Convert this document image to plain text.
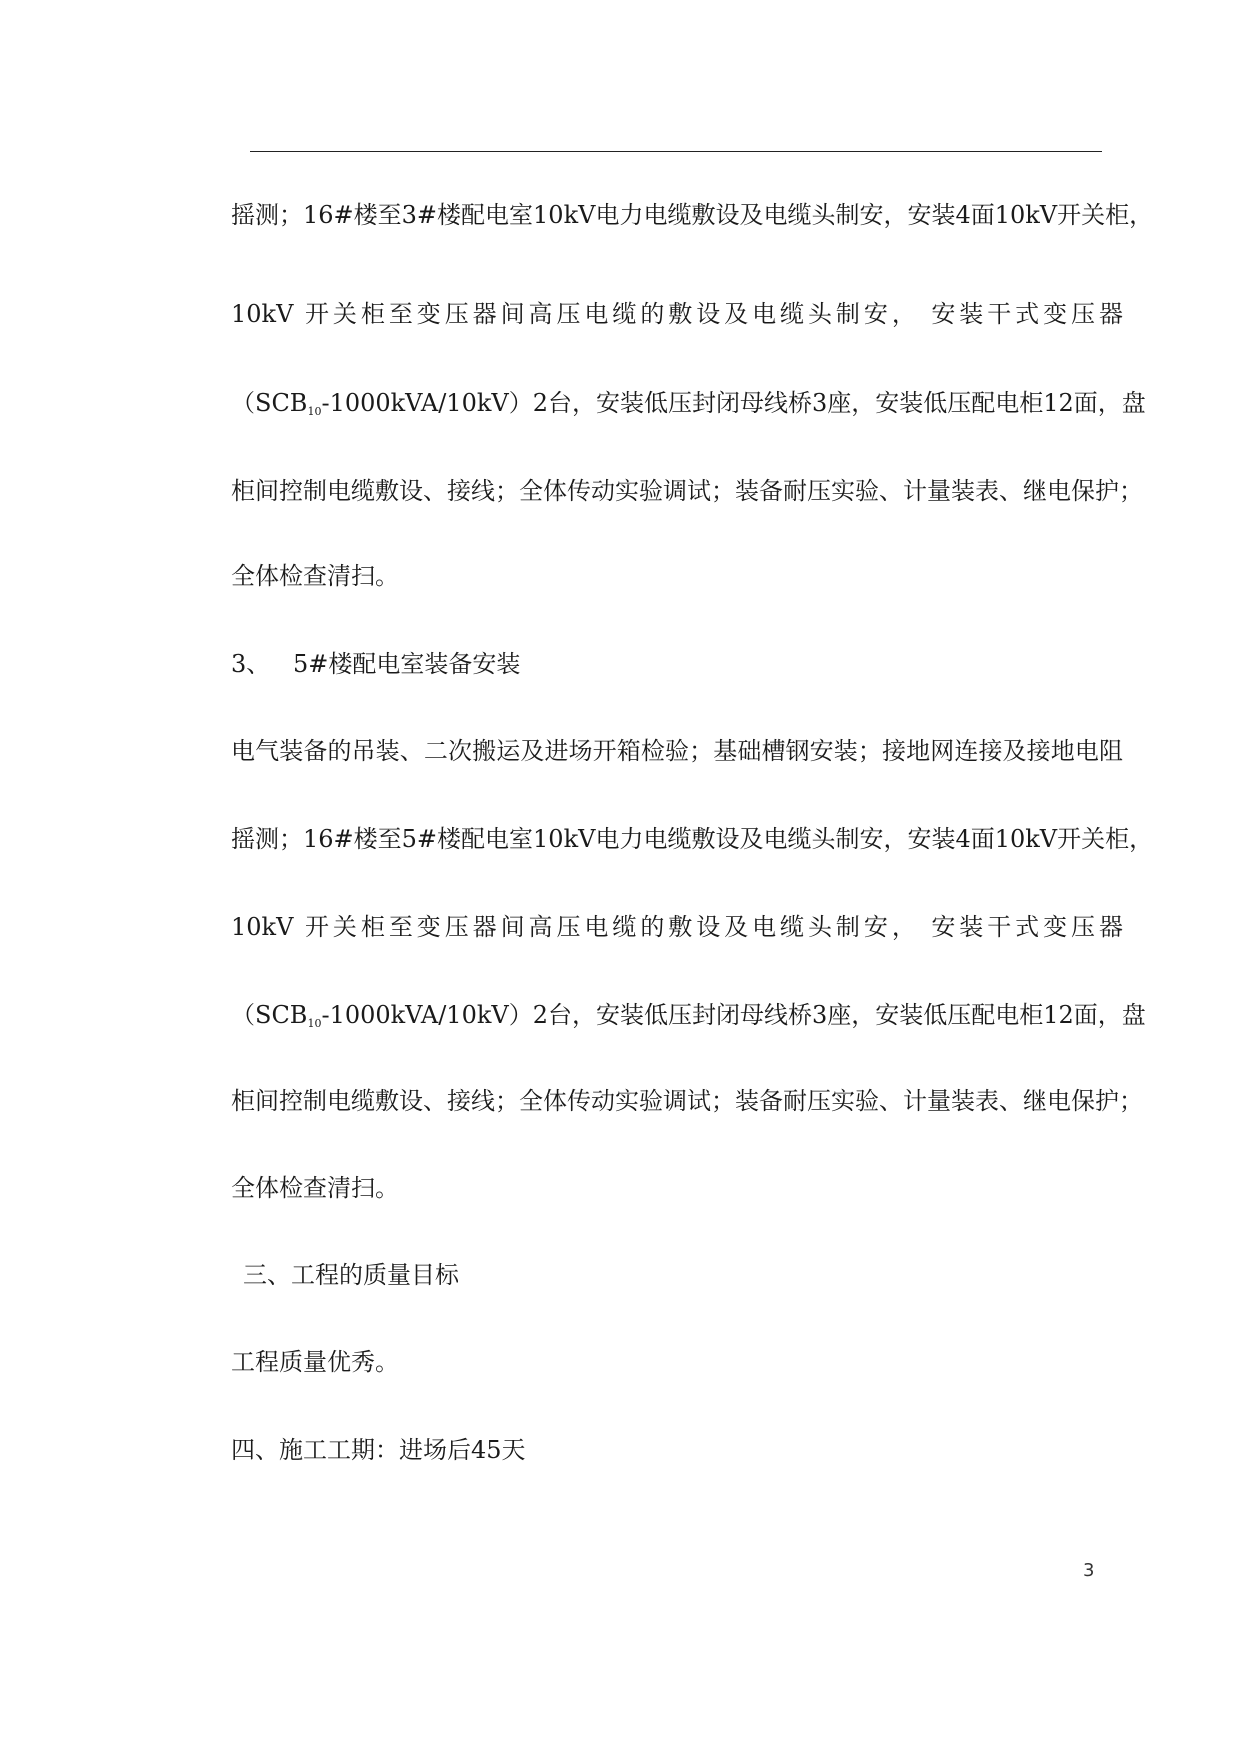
摇测；16#楼至3#楼配电室10kV电力电缆敷设及电缆头制安，安装4面10kV开关柜，
10kV 开关柜至变压器间高压电缆的敷设及电缆头制安， 安装干式变压器
$(SCB_{10}-1000kVA/10kV)2$台，安装低压封闭母线桥3座，安装低压配电柜12面，盘
柜间控制电缆敷设、接线；全体传动实验调试；装备耐压实验、计量装表、继电保护；
全体检查清扫。
3、 5#楼配电室装备安装
电气装备的吊装、二次搬运及进场开箱检验；基础槽钢安装；接地网连接及接地电阻
摇测；16#楼至5#楼配电室10kV电力电缆敷设及电缆头制安，安装4面10kV开关柜，
10kV 开关柜至变压器间高压电缆的敷设及电缆头制安， 安装干式变压器
$(SCB_{10}-1000kVA/10kV)2$台，安装低压封闭母线桥3座，安装低压配电柜12面，盘
柜间控制电缆敷设、接线；全体传动实验调试；装备耐压实验、计量装表、继电保护；
全体检查清扫。
三、工程的质量目标
工程质量优秀。
四、施工工期：进场后45天
3
